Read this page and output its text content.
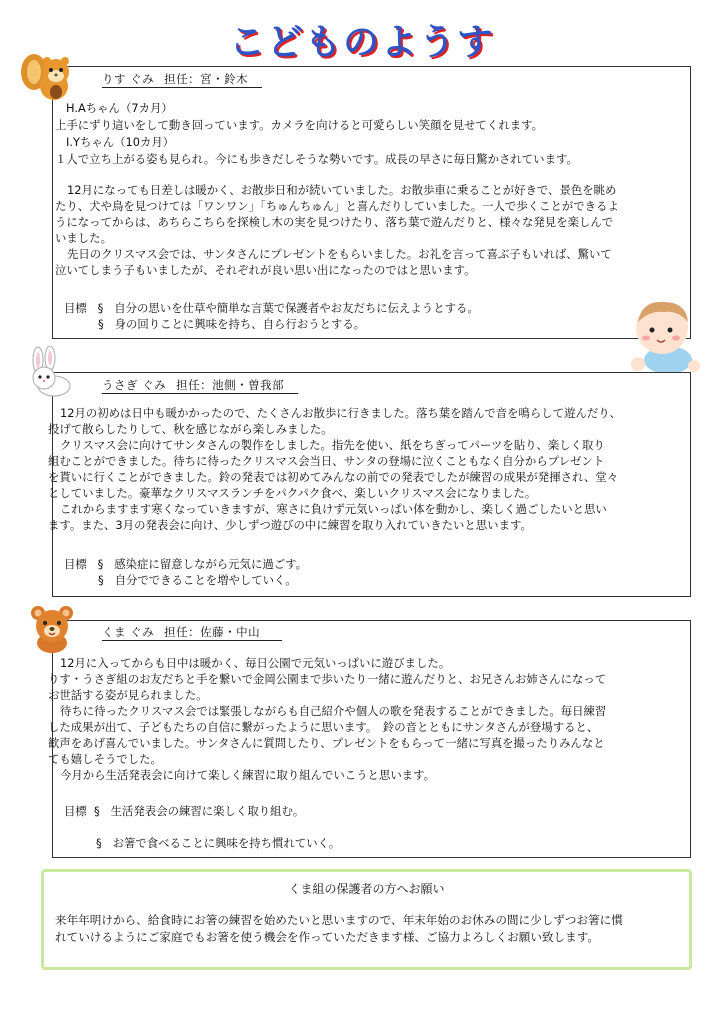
こどものようす
りす ぐみ 担任：宮・鈴木
H.Aちゃん（7カ月）
上手にずり這いをして動き回っています。カメラを向けると可愛らしい笑顔を見せてくれます。
I.Yちゃん（10カ月）
１人で立ち上がる姿も見られ。今にも歩きだしそうな勢いです。成長の早さに毎日驚かされています。
12月になっても日差しは暖かく、お散歩日和が続いていました。お散歩車に乗ることが好きで、景色を眺め
たり、犬や鳥を見つけては「ワンワン」「ちゅんちゅん」と喜んだりしていました。一人で歩くことができるよ
うになってからは、あちらこちらを探検し木の実を見つけたり、落ち葉で遊んだりと、様々な発見を楽しんで
いました。
先日のクリスマス会では、サンタさんにプレゼントをもらいました。お礼を言って喜ぶ子もいれば、驚いて
泣いてしまう子もいましたが、それぞれが良い思い出になったのではと思います。
目標 § 自分の思いを仕草や簡単な言葉で保護者やお友だちに伝えようとする。
§ 身の回りことに興味を持ち、自ら行おうとする。
うさぎ ぐみ 担任：池側・曽我部
12月の初めは日中も暖かかったので、たくさんお散歩に行きました。落ち葉を踏んで音を鳴らして遊んだり、
投げて散らしたりして、秋を感じながら楽しみました。
クリスマス会に向けてサンタさんの製作をしました。指先を使い、紙をちぎってパーツを貼り、楽しく取り
組むことができました。待ちに待ったクリスマス会当日、サンタの登場に泣くこともなく自分からプレゼント
を貰いに行くことができました。鈴の発表では初めてみんなの前での発表でしたが練習の成果が発揮され、堂々
としていました。豪華なクリスマスランチをパクパク食べ、楽しいクリスマス会になりました。
これからますます寒くなっていきますが、寒さに負けず元気いっぱい体を動かし、楽しく過ごしたいと思い
ます。また、3月の発表会に向け、少しずつ遊びの中に練習を取り入れていきたいと思います。
目標 § 感染症に留意しながら元気に過ごす。
§ 自分でできることを増やしていく。
くま ぐみ 担任：佐藤・中山
12月に入ってからも日中は暖かく、毎日公園で元気いっぱいに遊びました。
りす・うさぎ組のお友だちと手を繋いで金岡公園まで歩いたり一緒に遊んだりと、お兄さんお姉さんになって
お世話する姿が見られました。
待ちに待ったクリスマス会では緊張しながらも自己紹介や個人の歌を発表することができました。毎日練習
した成果が出て、子どもたちの自信に繋がったように思います。　鈴の音とともにサンタさんが登場すると、
歓声をあげ喜んでいました。サンタさんに質問したり、プレゼントをもらって一緒に写真を撮ったりみんなと
ても嬉しそうでした。
今月から生活発表会に向けて楽しく練習に取り組んでいこうと思います。
目標 § 生活発表会の練習に楽しく取り組む。
§ お箸で食べることに興味を持ち慣れていく。
くま組の保護者の方へお願い
来年年明けから、給食時にお箸の練習を始めたいと思いますので、年末年始のお休みの間に少しずつお箸に慣
れていけるようにご家庭でもお箸を使う機会を作っていただきます様、ご協力よろしくお願い致します。
